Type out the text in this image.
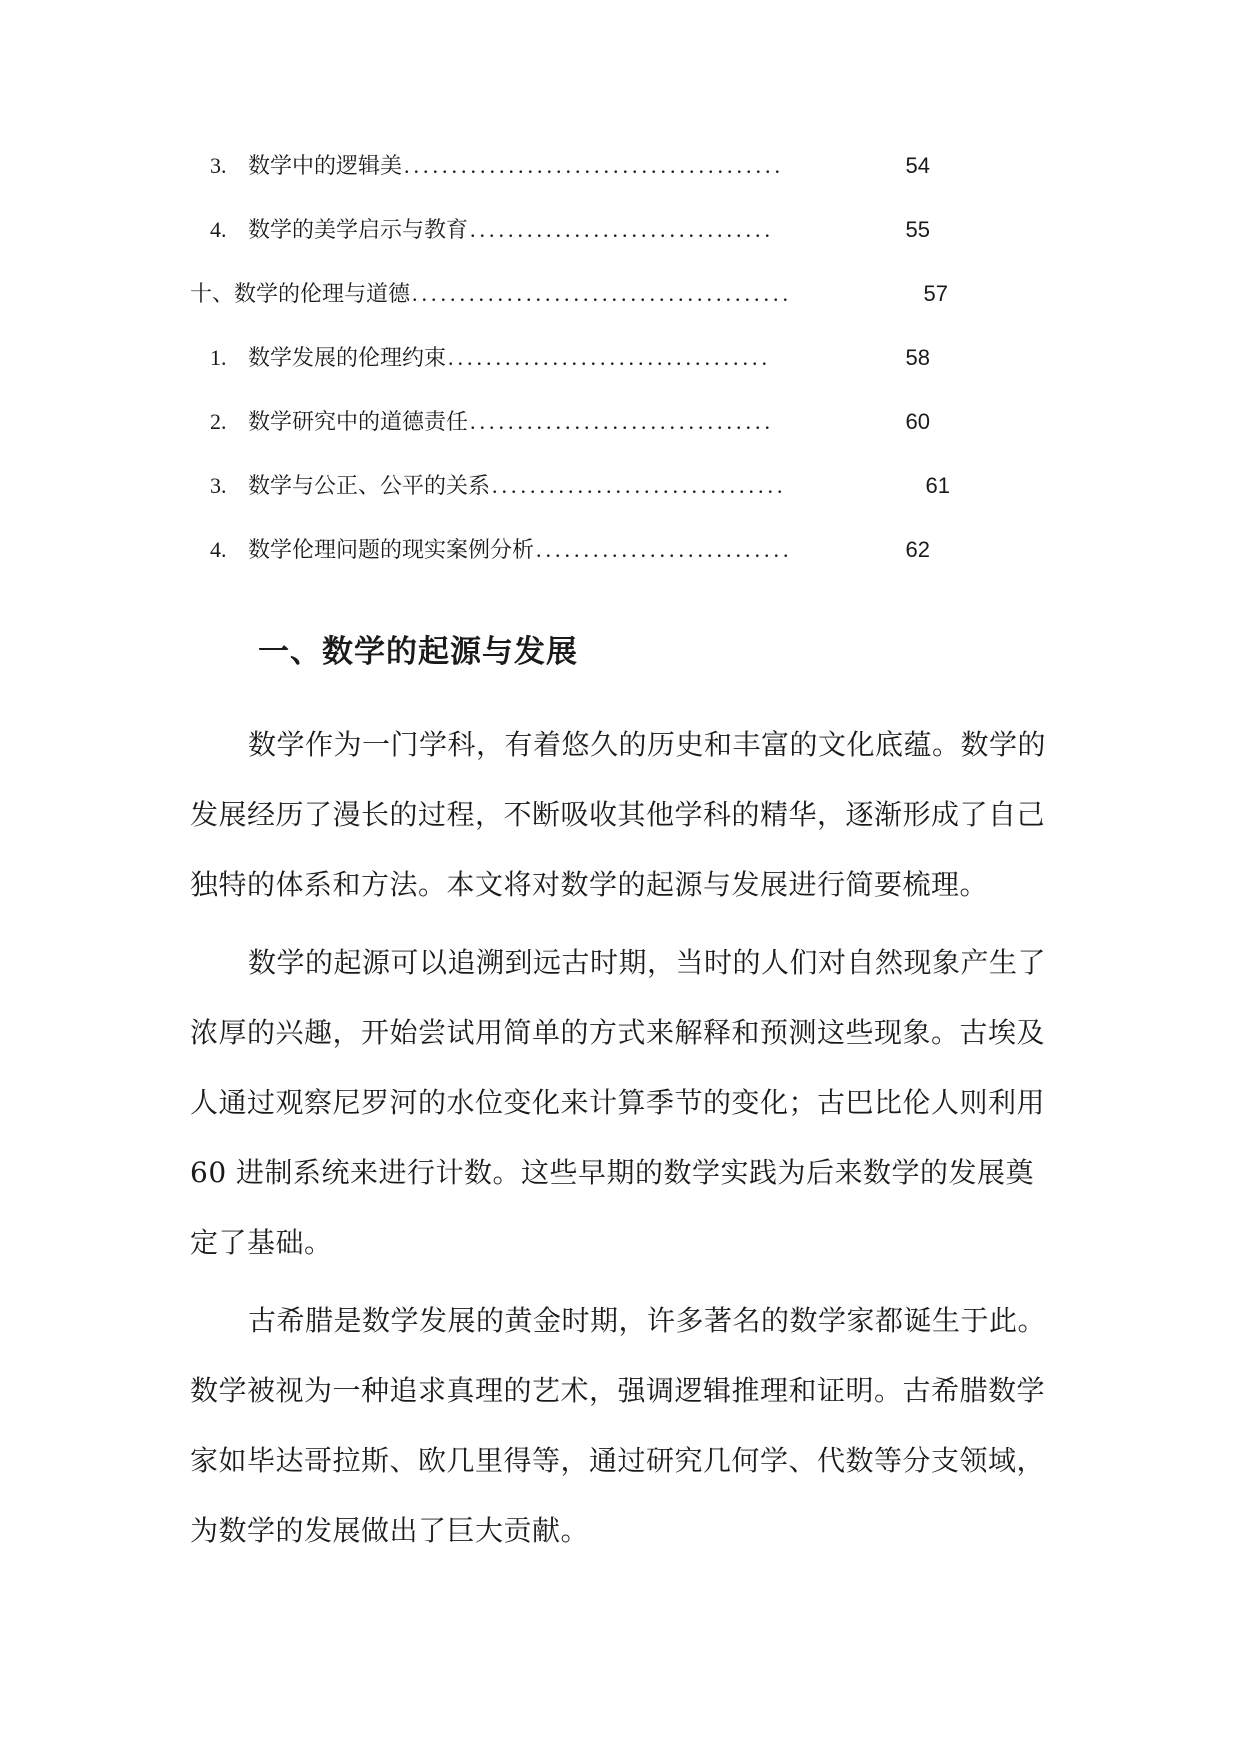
3. 数学中的逻辑美 ........................................	54
4. 数学的美学启示与教育 ................................	55
十、数学的伦理与道德 ........................................	57
1. 数学发展的伦理约束 ..................................	58
2. 数学研究中的道德责任 ................................	60
3. 数学与公正、公平的关系 ...............................	61
4. 数学伦理问题的现实案例分析 ...........................	62
一、数学的起源与发展
数学作为一门学科，有着悠久的历史和丰富的文化底蕴。数学的
发展经历了漫长的过程，不断吸收其他学科的精华，逐渐形成了自己
独特的体系和方法。本文将对数学的起源与发展进行简要梳理。
数学的起源可以追溯到远古时期，当时的人们对自然现象产生了
浓厚的兴趣，开始尝试用简单的方式来解释和预测这些现象。古埃及
人通过观察尼罗河的水位变化来计算季节的变化；古巴比伦人则利用
60 进制系统来进行计数。这些早期的数学实践为后来数学的发展奠
定了基础。
古希腊是数学发展的黄金时期，许多著名的数学家都诞生于此。
数学被视为一种追求真理的艺术，强调逻辑推理和证明。古希腊数学
家如毕达哥拉斯、欧几里得等，通过研究几何学、代数等分支领域，
为数学的发展做出了巨大贡献。
